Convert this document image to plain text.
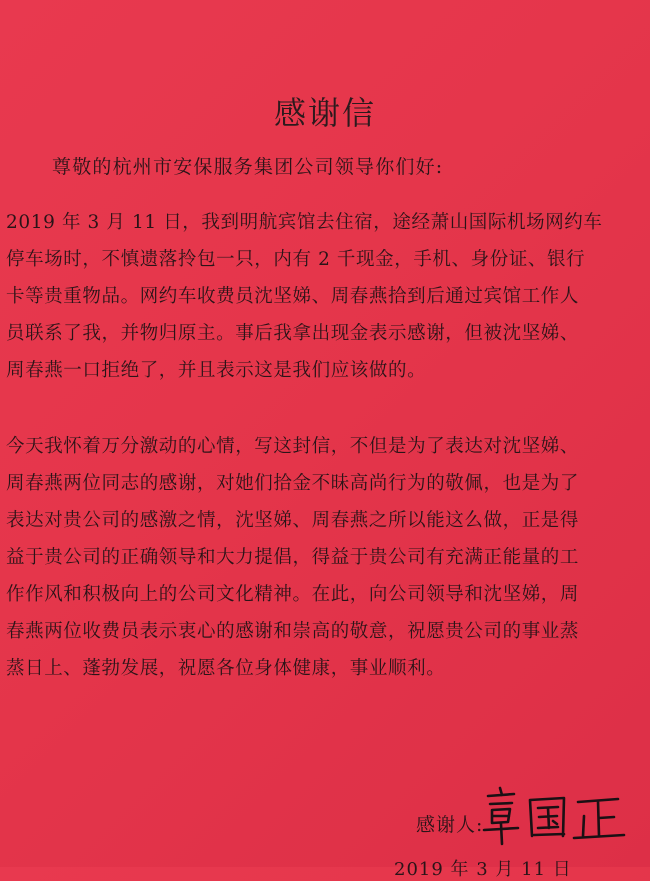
感谢信
尊敬的杭州市安保服务集团公司领导你们好:
2019 年 3 月 11 日，我到明航宾馆去住宿，途经萧山国际机场网约车
停车场时，不慎遗落拎包一只，内有 2 千现金，手机、身份证、银行
卡等贵重物品。网约车收费员沈坚娣、周春燕拾到后通过宾馆工作人
员联系了我，并物归原主。事后我拿出现金表示感谢，但被沈坚娣、
周春燕一口拒绝了，并且表示这是我们应该做的。
今天我怀着万分激动的心情，写这封信，不但是为了表达对沈坚娣、
周春燕两位同志的感谢，对她们拾金不昧高尚行为的敬佩，也是为了
表达对贵公司的感激之情，沈坚娣、周春燕之所以能这么做，正是得
益于贵公司的正确领导和大力提倡，得益于贵公司有充满正能量的工
作作风和积极向上的公司文化精神。在此，向公司领导和沈坚娣，周
春燕两位收费员表示衷心的感谢和崇高的敬意，祝愿贵公司的事业蒸
蒸日上、蓬勃发展，祝愿各位身体健康，事业顺利。
感谢人:
2019 年 3 月 11 日
